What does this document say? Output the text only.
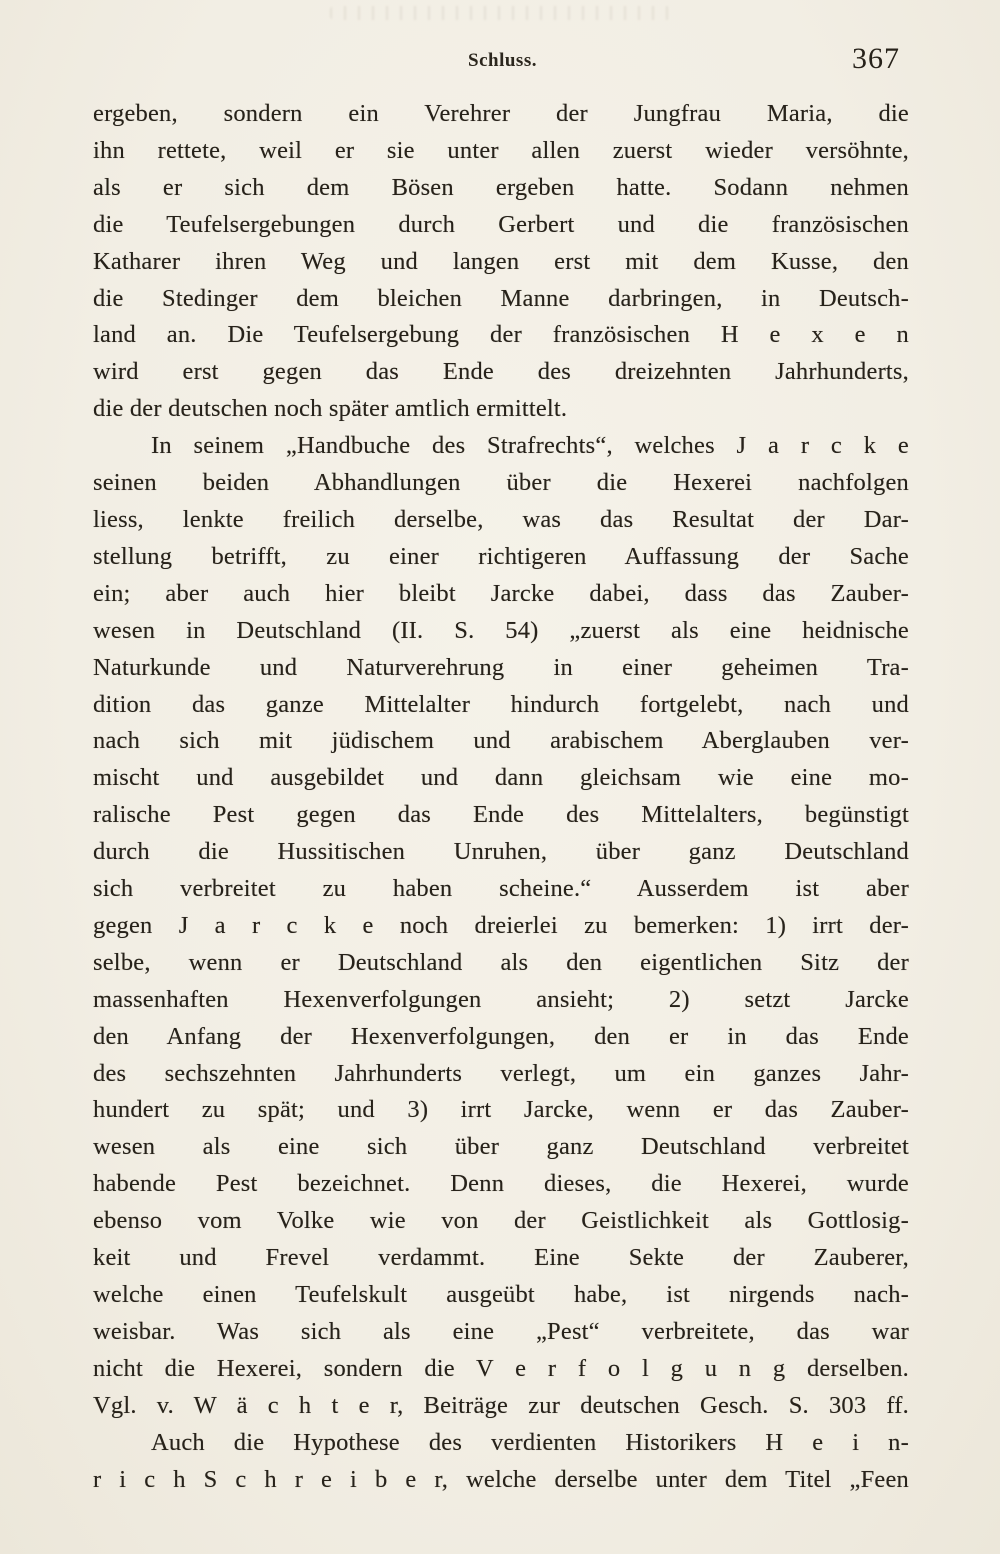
Schluss.	367
ergeben, sondern ein Verehrer der Jungfrau Maria, die
ihn rettete, weil er sie unter allen zuerst wieder versöhnte,
als er sich dem Bösen ergeben hatte. Sodann nehmen
die Teufelsergebungen durch Gerbert und die französischen
Katharer ihren Weg und langen erst mit dem Kusse, den
die Stedinger dem bleichen Manne darbringen, in Deutsch-
land an. Die Teufelsergebung der französischen H e x e n
wird erst gegen das Ende des dreizehnten Jahrhunderts,
die der deutschen noch später amtlich ermittelt.
In seinem „Handbuche des Strafrechts“, welches J a r c k e
seinen beiden Abhandlungen über die Hexerei nachfolgen
liess, lenkte freilich derselbe, was das Resultat der Dar-
stellung betrifft, zu einer richtigeren Auffassung der Sache
ein; aber auch hier bleibt Jarcke dabei, dass das Zauber-
wesen in Deutschland (II. S. 54) „zuerst als eine heidnische
Naturkunde und Naturverehrung in einer geheimen Tra-
dition das ganze Mittelalter hindurch fortgelebt, nach und
nach sich mit jüdischem und arabischem Aberglauben ver-
mischt und ausgebildet und dann gleichsam wie eine mo-
ralische Pest gegen das Ende des Mittelalters, begünstigt
durch die Hussitischen Unruhen, über ganz Deutschland
sich verbreitet zu haben scheine.“ Ausserdem ist aber
gegen J a r c k e noch dreierlei zu bemerken: 1) irrt der-
selbe, wenn er Deutschland als den eigentlichen Sitz der
massenhaften Hexenverfolgungen ansieht; 2) setzt Jarcke
den Anfang der Hexenverfolgungen, den er in das Ende
des sechszehnten Jahrhunderts verlegt, um ein ganzes Jahr-
hundert zu spät; und 3) irrt Jarcke, wenn er das Zauber-
wesen als eine sich über ganz Deutschland verbreitet
habende Pest bezeichnet. Denn dieses, die Hexerei, wurde
ebenso vom Volke wie von der Geistlichkeit als Gottlosig-
keit und Frevel verdammt. Eine Sekte der Zauberer,
welche einen Teufelskult ausgeübt habe, ist nirgends nach-
weisbar. Was sich als eine „Pest“ verbreitete, das war
nicht die Hexerei, sondern die V e r f o l g u n g derselben.
Vgl. v. W ä c h t e r, Beiträge zur deutschen Gesch. S. 303 ff.
Auch die Hypothese des verdienten Historikers H e i n-
r i c h S c h r e i b e r, welche derselbe unter dem Titel „Feen
